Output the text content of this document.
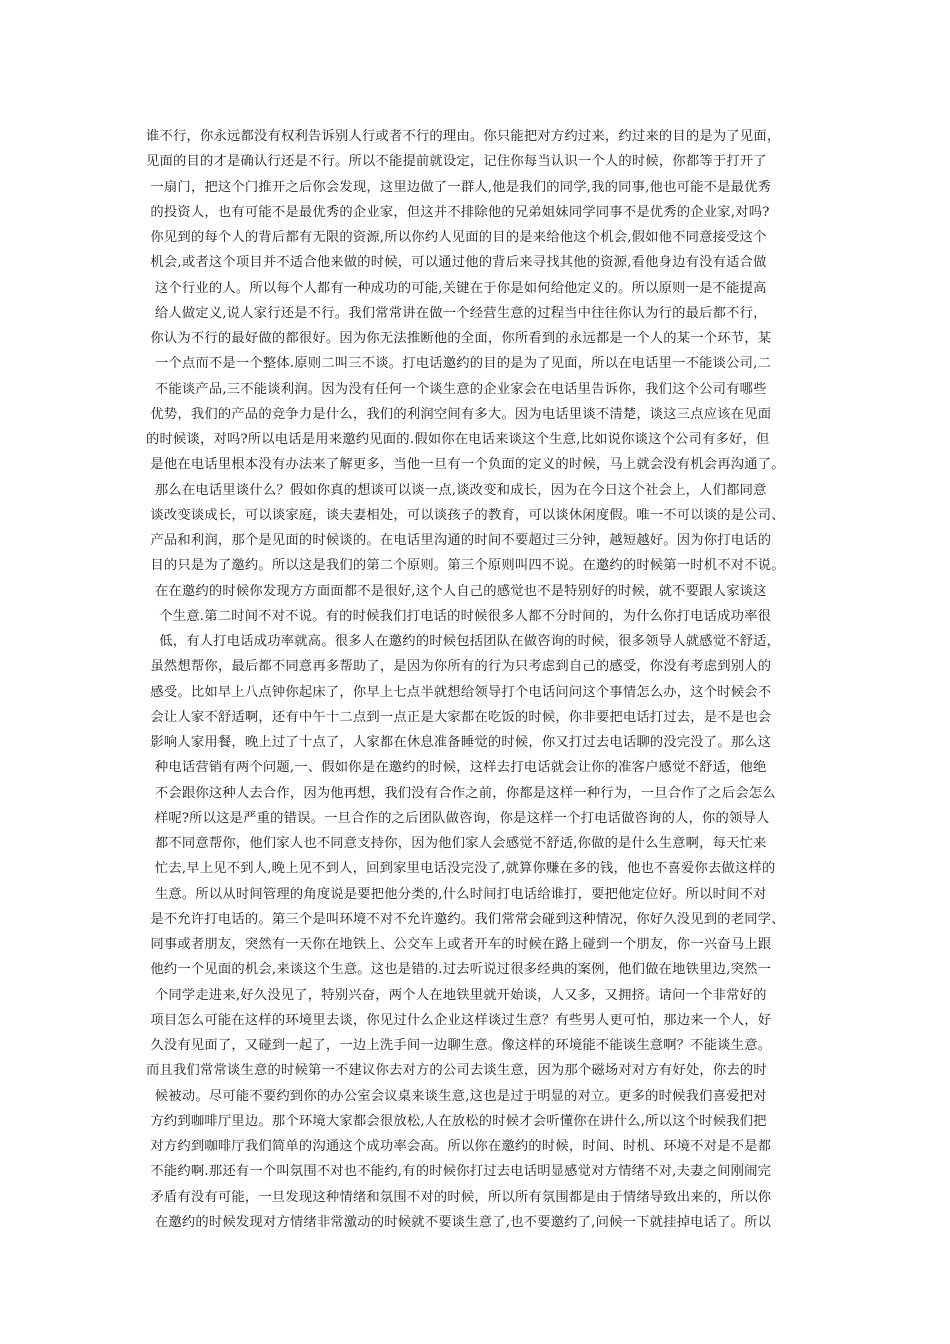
谁不行，你永远都没有权利告诉别人行或者不行的理由。你只能把对方约过来，约过来的目的是为了见面，
见面的目的才是确认行还是不行。所以不能提前就设定，记住你每当认识一个人的时候，你都等于打开了
一扇门，把这个门推开之后你会发现，这里边做了一群人,他是我们的同学,我的同事,他也可能不是最优秀
的投资人，也有可能不是最优秀的企业家，但这并不排除他的兄弟姐妹同学同事不是优秀的企业家,对吗?
你见到的每个人的背后都有无限的资源,所以你约人见面的目的是来给他这个机会,假如他不同意接受这个
机会,或者这个项目并不适合他来做的时候，可以通过他的背后来寻找其他的资源,看他身边有没有适合做
这个行业的人。所以每个人都有一种成功的可能,关键在于你是如何给他定义的。所以原则一是不能提高
给人做定义,说人家行还是不行。我们常常讲在做一个经营生意的过程当中往往你认为行的最后都不行，
你认为不行的最好做的都很好。因为你无法推断他的全面，你所看到的永远都是一个人的某一个环节，某
一个点而不是一个整体.原则二叫三不谈。打电话邀约的目的是为了见面，所以在电话里一不能谈公司,二
不能谈产品,三不能谈利润。因为没有任何一个谈生意的企业家会在电话里告诉你，我们这个公司有哪些
优势，我们的产品的竞争力是什么，我们的利润空间有多大。因为电话里谈不清楚，谈这三点应该在见面
的时候谈，对吗?所以电话是用来邀约见面的.假如你在电话来谈这个生意,比如说你谈这个公司有多好，但
是他在电话里根本没有办法来了解更多，当他一旦有一个负面的定义的时候，马上就会没有机会再沟通了。
那么在电话里谈什么？假如你真的想谈可以谈一点,谈改变和成长，因为在今日这个社会上，人们都同意
谈改变谈成长，可以谈家庭，谈夫妻相处，可以谈孩子的教育，可以谈休闲度假。唯一不可以谈的是公司、
产品和利润，那个是见面的时候谈的。在电话里沟通的时间不要超过三分钟，越短越好。因为你打电话的
目的只是为了邀约。所以这是我们的第二个原则。第三个原则叫四不说。在邀约的时候第一时机不对不说。
在在邀约的时候你发现方方面面都不是很好,这个人自己的感觉也不是特别好的时候，就不要跟人家谈这
个生意.第二时间不对不说。有的时候我们打电话的时候很多人都不分时间的，为什么你打电话成功率很
低，有人打电话成功率就高。很多人在邀约的时候包括团队在做咨询的时候，很多领导人就感觉不舒适，
虽然想帮你，最后都不同意再多帮助了，是因为你所有的行为只考虑到自己的感受，你没有考虑到别人的
感受。比如早上八点钟你起床了，你早上七点半就想给领导打个电话问问这个事情怎么办，这个时候会不
会让人家不舒适啊，还有中午十二点到一点正是大家都在吃饭的时候，你非要把电话打过去，是不是也会
影响人家用餐，晚上过了十点了，人家都在休息准备睡觉的时候，你又打过去电话聊的没完没了。那么这
种电话营销有两个问题,一、假如你是在邀约的时候，这样去打电话就会让你的准客户感觉不舒适，他绝
不会跟你这种人去合作，因为他再想，我们没有合作之前，你都是这样一种行为，一旦合作了之后会怎么
样呢?所以这是严重的错误。一旦合作的之后团队做咨询，你是这样一个打电话做咨询的人，你的领导人
都不同意帮你，他们家人也不同意支持你，因为他们家人会感觉不舒适,你做的是什么生意啊，每天忙来
忙去,早上见不到人,晚上见不到人，回到家里电话没完没了,就算你赚在多的钱，他也不喜爱你去做这样的
生意。所以从时间管理的角度说是要把他分类的,什么时间打电话给谁打，要把他定位好。所以时间不对
是不允许打电话的。第三个是叫环境不对不允许邀约。我们常常会碰到这种情况，你好久没见到的老同学、
同事或者朋友，突然有一天你在地铁上、公交车上或者开车的时候在路上碰到一个朋友，你一兴奋马上跟
他约一个见面的机会,来谈这个生意。这也是错的.过去听说过很多经典的案例，他们做在地铁里边,突然一
个同学走进来,好久没见了，特别兴奋，两个人在地铁里就开始谈，人又多，又拥挤。请问一个非常好的
项目怎么可能在这样的环境里去谈，你见过什么企业这样谈过生意？有些男人更可怕，那边来一个人，好
久没有见面了，又碰到一起了，一边上洗手间一边聊生意。像这样的环境能不能谈生意啊？不能谈生意。
而且我们常常谈生意的时候第一不建议你去对方的公司去谈生意，因为那个磁场对对方有好处，你去的时
候被动。尽可能不要约到你的办公室会议桌来谈生意,这也是过于明显的对立。更多的时候我们喜爱把对
方约到咖啡厅里边。那个环境大家都会很放松,人在放松的时候才会听懂你在讲什么,所以这个时候我们把
对方约到咖啡厅我们简单的沟通这个成功率会高。所以你在邀约的时候，时间、时机、环境不对是不是都
不能约啊.那还有一个叫氛围不对也不能约,有的时候你打过去电话明显感觉对方情绪不对,夫妻之间刚闹完
矛盾有没有可能，一旦发现这种情绪和氛围不对的时候，所以所有氛围都是由于情绪导致出来的，所以你
在邀约的时候发现对方情绪非常激动的时候就不要谈生意了,也不要邀约了,问候一下就挂掉电话了。所以
